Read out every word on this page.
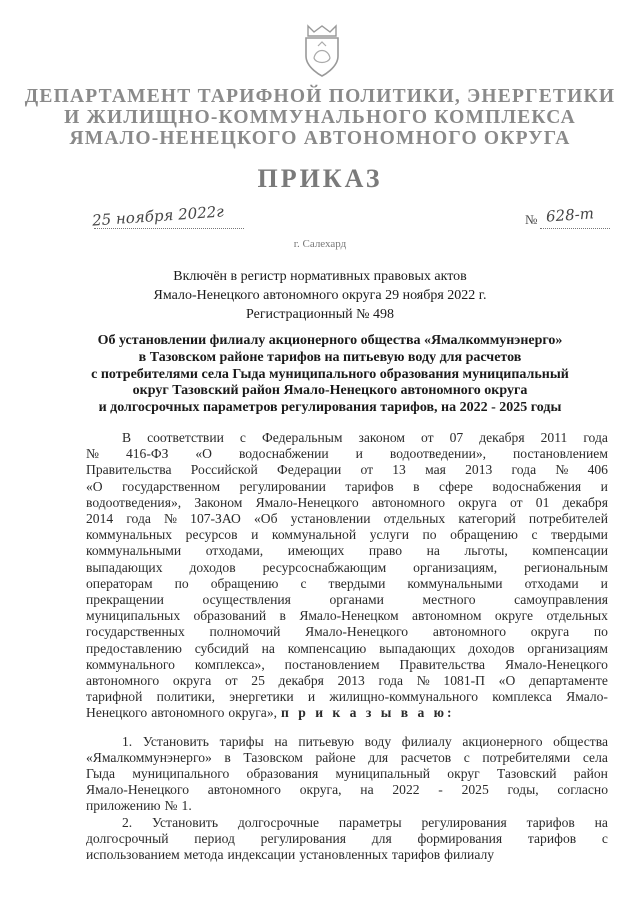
ДЕПАРТАМЕНТ ТАРИФНОЙ ПОЛИТИКИ, ЭНЕРГЕТИКИ
И ЖИЛИЩНО-КОММУНАЛЬНОГО КОМПЛЕКСА
ЯМАЛО-НЕНЕЦКОГО АВТОНОМНОГО ОКРУГА
ПРИКАЗ
25 ноября 2022г	№ 628-т
г. Салехард
Включён в регистр нормативных правовых актов
Ямало-Ненецкого автономного округа 29 ноября 2022 г.
Регистрационный № 498
Об установлении филиалу акционерного общества «Ямалкоммунэнерго»
в Тазовском районе тарифов на питьевую воду для расчетов
с потребителями села Гыда муниципального образования муниципальный
округ Тазовский район Ямало-Ненецкого автономного округа
и долгосрочных параметров регулирования тарифов, на 2022 - 2025 годы
В соответствии с Федеральным законом от 07 декабря 2011 года
№ 416-ФЗ «О водоснабжении и водоотведении», постановлением
Правительства Российской Федерации от 13 мая 2013 года № 406
«О государственном регулировании тарифов в сфере водоснабжения и
водоотведения», Законом Ямало-Ненецкого автономного округа от 01 декабря
2014 года № 107-ЗАО «Об установлении отдельных категорий потребителей
коммунальных ресурсов и коммунальной услуги по обращению с твердыми
коммунальными отходами, имеющих право на льготы, компенсации
выпадающих доходов ресурсоснабжающим организациям, региональным
операторам по обращению с твердыми коммунальными отходами и
прекращении	осуществления	органами	местного	самоуправления
муниципальных образований в Ямало-Ненецком автономном округе отдельных
государственных полномочий Ямало-Ненецкого автономного округа по
предоставлению субсидий на компенсацию выпадающих доходов организациям
коммунального комплекса», постановлением Правительства Ямало-Ненецкого
автономного округа от 25 декабря 2013 года № 1081-П «О департаменте
тарифной политики, энергетики и жилищно-коммунального комплекса Ямало-
Ненецкого автономного округа», п р и к а з ы в а ю:
1. Установить тарифы на питьевую воду филиалу акционерного общества
«Ямалкоммунэнерго» в Тазовском районе для расчетов с потребителями села
Гыда муниципального образования муниципальный округ Тазовский район
Ямало-Ненецкого автономного округа, на 2022 - 2025 годы, согласно
приложению № 1.
2. Установить долгосрочные параметры регулирования тарифов на
долгосрочный период регулирования для формирования тарифов с
использованием метода индексации установленных тарифов филиалу
